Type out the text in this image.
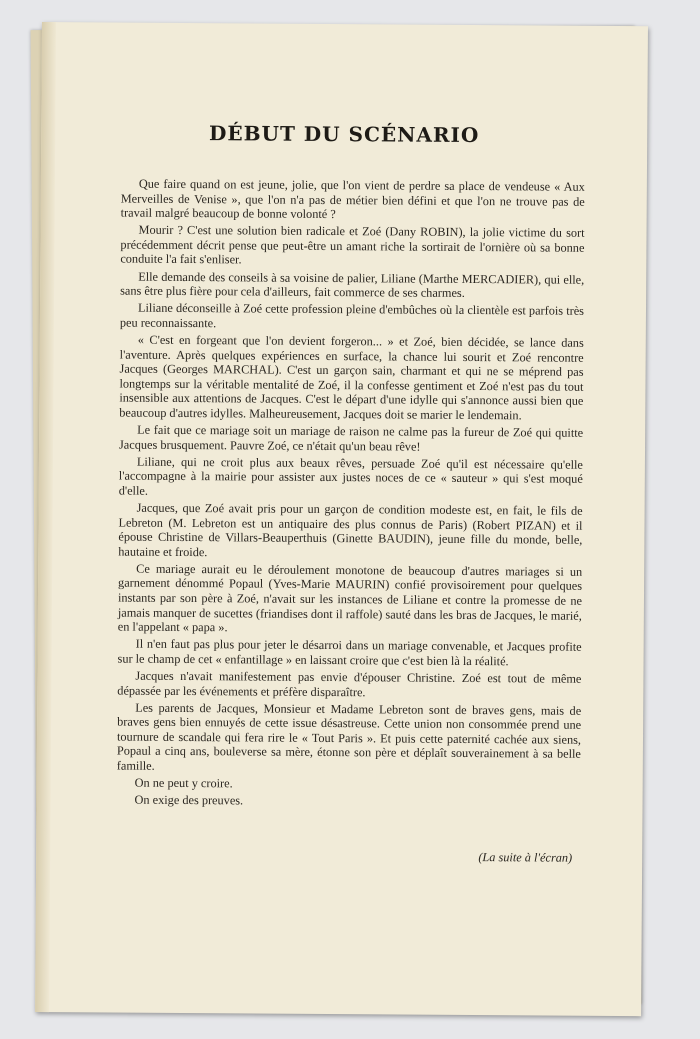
DÉBUT DU SCÉNARIO

Que faire quand on est jeune, jolie, que l'on vient de perdre sa place de vendeuse « Aux Merveilles de Venise », que l'on n'a pas de métier bien défini et que l'on ne trouve pas de travail malgré beaucoup de bonne volonté ?

Mourir ? C'est une solution bien radicale et Zoé (Dany ROBIN), la jolie victime du sort précédemment décrit pense que peut-être un amant riche la sortirait de l'ornière où sa bonne conduite l'a fait s'enliser.

Elle demande des conseils à sa voisine de palier, Liliane (Marthe MERCADIER), qui elle, sans être plus fière pour cela d'ailleurs, fait commerce de ses charmes.

Liliane déconseille à Zoé cette profession pleine d'embûches où la clientèle est parfois très peu reconnaissante.

« C'est en forgeant que l'on devient forgeron... » et Zoé, bien décidée, se lance dans l'aventure. Après quelques expériences en surface, la chance lui sourit et Zoé rencontre Jacques (Georges MARCHAL). C'est un garçon sain, charmant et qui ne se méprend pas longtemps sur la véritable mentalité de Zoé, il la confesse gentiment et Zoé n'est pas du tout insensible aux attentions de Jacques. C'est le départ d'une idylle qui s'annonce aussi bien que beaucoup d'autres idylles. Malheureusement, Jacques doit se marier le lendemain.

Le fait que ce mariage soit un mariage de raison ne calme pas la fureur de Zoé qui quitte Jacques brusquement. Pauvre Zoé, ce n'était qu'un beau rêve!

Liliane, qui ne croit plus aux beaux rêves, persuade Zoé qu'il est nécessaire qu'elle l'accompagne à la mairie pour assister aux justes noces de ce « sauteur » qui s'est moqué d'elle.

Jacques, que Zoé avait pris pour un garçon de condition modeste est, en fait, le fils de Lebreton (M. Lebreton est un antiquaire des plus connus de Paris) (Robert PIZAN) et il épouse Christine de Villars-Beauperthuis (Ginette BAUDIN), jeune fille du monde, belle, hautaine et froide.

Ce mariage aurait eu le déroulement monotone de beaucoup d'autres mariages si un garnement dénommé Popaul (Yves-Marie MAURIN) confié provisoirement pour quelques instants par son père à Zoé, n'avait sur les instances de Liliane et contre la promesse de ne jamais manquer de sucettes (friandises dont il raffole) sauté dans les bras de Jacques, le marié, en l'appelant « papa ».

Il n'en faut pas plus pour jeter le désarroi dans un mariage convenable, et Jacques profite sur le champ de cet « enfantillage » en laissant croire que c'est bien là la réalité.

Jacques n'avait manifestement pas envie d'épouser Christine. Zoé est tout de même dépassée par les événements et préfère disparaître.

Les parents de Jacques, Monsieur et Madame Lebreton sont de braves gens, mais de braves gens bien ennuyés de cette issue désastreuse. Cette union non consommée prend une tournure de scandale qui fera rire le « Tout Paris ». Et puis cette paternité cachée aux siens, Popaul a cinq ans, bouleverse sa mère, étonne son père et déplaît souverainement à sa belle famille.

On ne peut y croire.

On exige des preuves.

(La suite à l'écran)
